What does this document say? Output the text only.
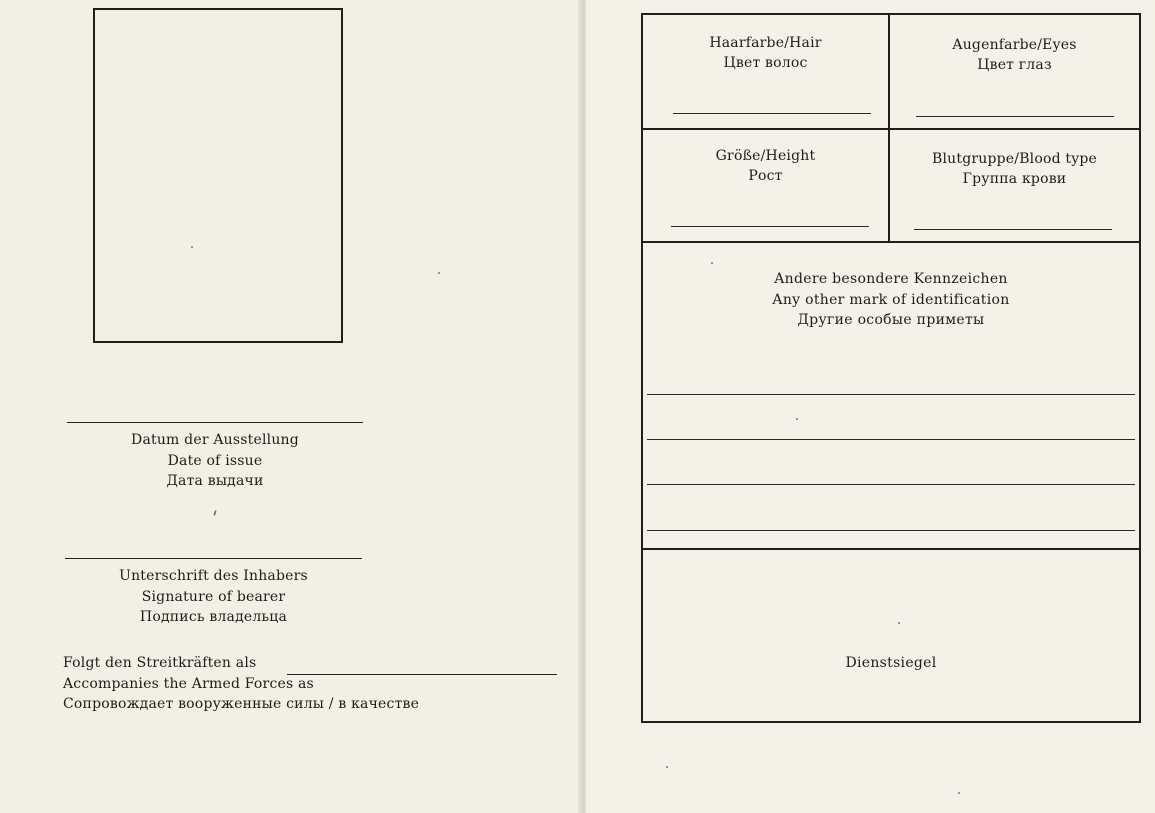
Datum der Ausstellung
Date of issue
Дата выдачи
Unterschrift des Inhabers
Signature of bearer
Подпись владельца
Folgt den Streitkräften als
Accompanies the Armed Forces as
Сопровождает вооруженные силы / в качестве
Haarfarbe/Hair
Цвет волос
Augenfarbe/Eyes
Цвет глаз
Größe/Height
Рост
Blutgruppe/Blood type
Группа крови
Andere besondere Kennzeichen
Any other mark of identification
Другие особые приметы
Dienstsiegel
